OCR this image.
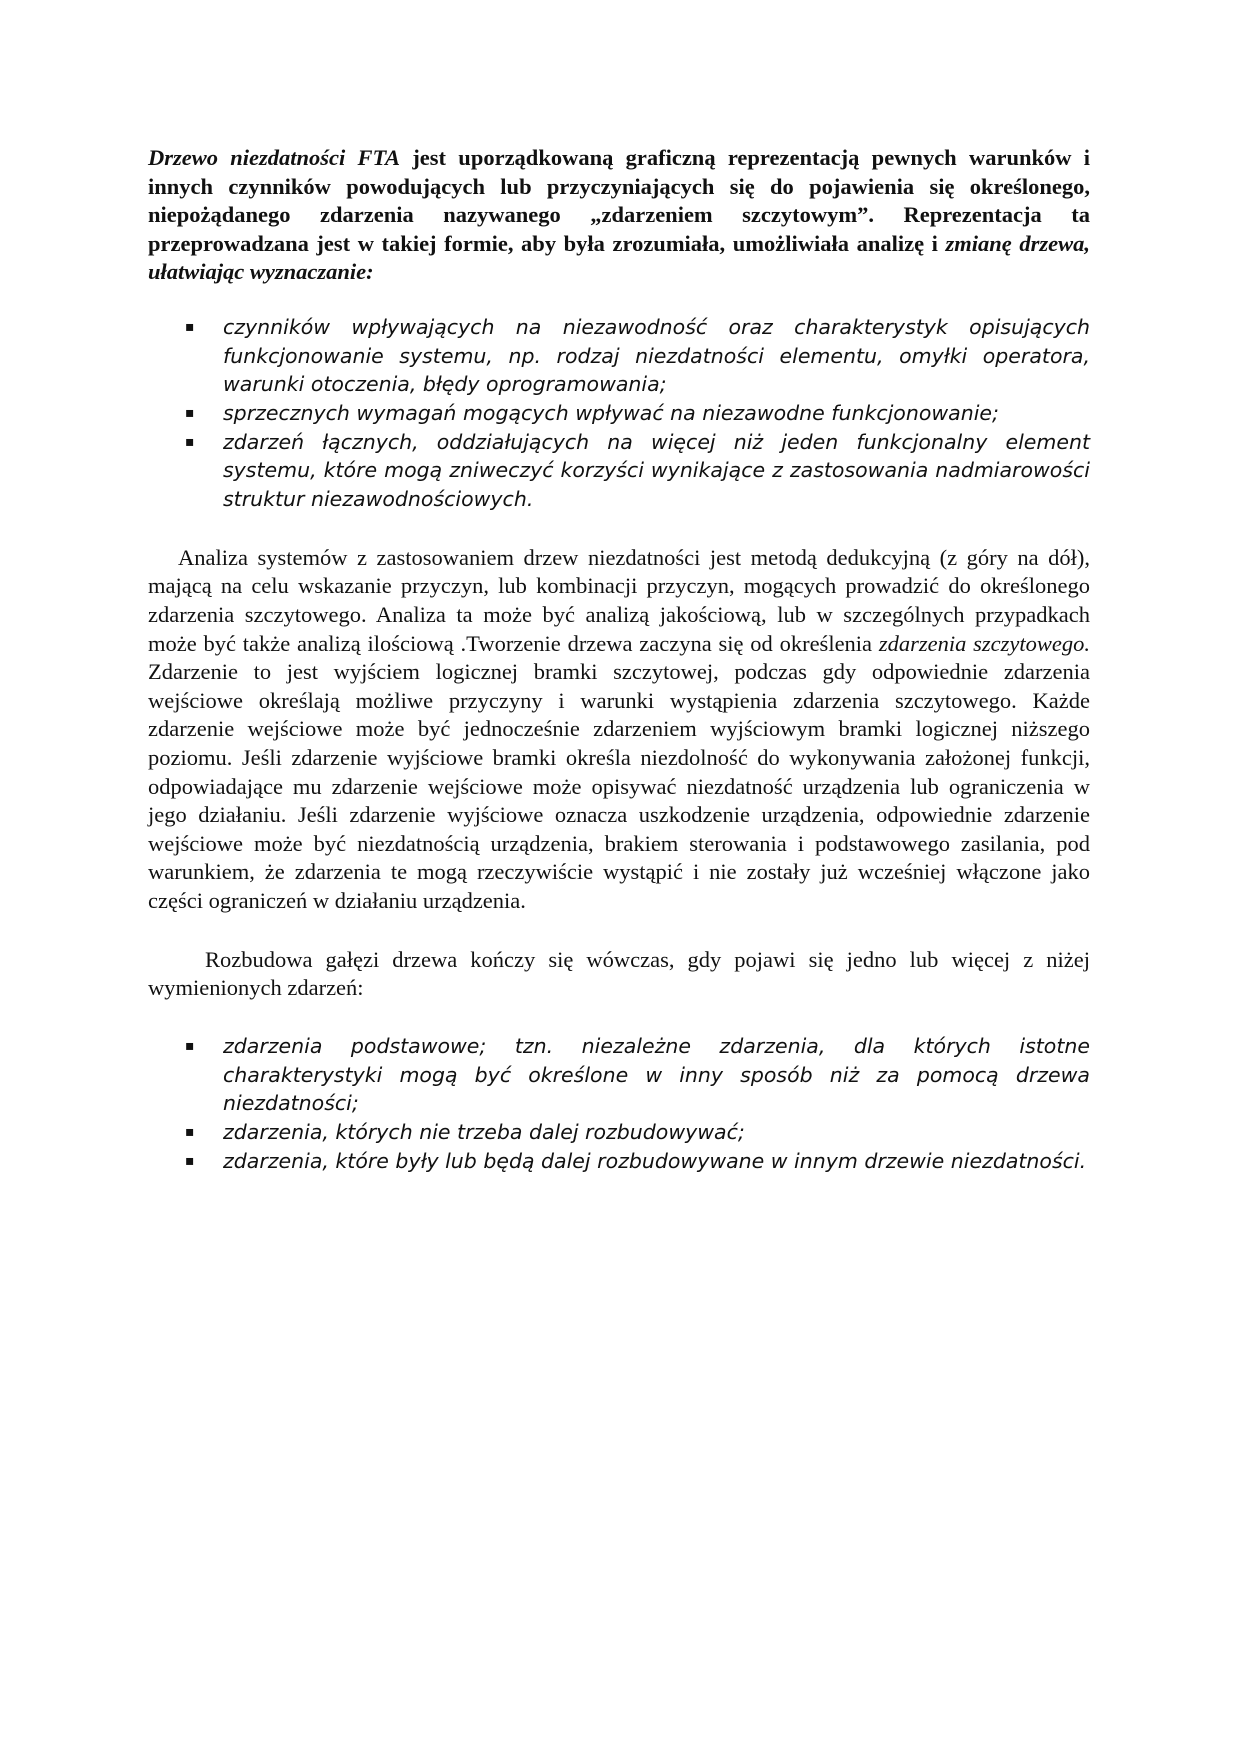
Drzewo niezdatności FTA jest uporządkowaną graficzną reprezentacją pewnych warunków i innych czynników powodujących lub przyczyniających się do pojawienia się określonego, niepożądanego zdarzenia nazywanego „zdarzeniem szczytowym”. Reprezentacja ta przeprowadzana jest w takiej formie, aby była zrozumiała, umożliwiała analizę i zmianę drzewa, ułatwiając wyznaczanie:

▪ czynników wpływających na niezawodność oraz charakterystyk opisujących funkcjonowanie systemu, np. rodzaj niezdatności elementu, omyłki operatora, warunki otoczenia, błędy oprogramowania;
▪ sprzecznych wymagań mogących wpływać na niezawodne funkcjonowanie;
▪ zdarzeń łącznych, oddziałujących na więcej niż jeden funkcjonalny element systemu, które mogą zniweczyć korzyści wynikające z zastosowania nadmiarowości struktur niezawodnościowych.

Analiza systemów z zastosowaniem drzew niezdatności jest metodą dedukcyjną (z góry na dół), mającą na celu wskazanie przyczyn, lub kombinacji przyczyn, mogących prowadzić do określonego zdarzenia szczytowego. Analiza ta może być analizą jakościową, lub w szczególnych przypadkach może być także analizą ilościową .Tworzenie drzewa zaczyna się od określenia zdarzenia szczytowego. Zdarzenie to jest wyjściem logicznej bramki szczytowej, podczas gdy odpowiednie zdarzenia wejściowe określają możliwe przyczyny i warunki wystąpienia zdarzenia szczytowego. Każde zdarzenie wejściowe może być jednocześnie zdarzeniem wyjściowym bramki logicznej niższego poziomu. Jeśli zdarzenie wyjściowe bramki określa niezdolność do wykonywania założonej funkcji, odpowiadające mu zdarzenie wejściowe może opisywać niezdatność urządzenia lub ograniczenia w jego działaniu. Jeśli zdarzenie wyjściowe oznacza uszkodzenie urządzenia, odpowiednie zdarzenie wejściowe może być niezdatnością urządzenia, brakiem sterowania i podstawowego zasilania, pod warunkiem, że zdarzenia te mogą rzeczywiście wystąpić i nie zostały już wcześniej włączone jako części ograniczeń w działaniu urządzenia.

Rozbudowa gałęzi drzewa kończy się wówczas, gdy pojawi się jedno lub więcej z niżej wymienionych zdarzeń:

▪ zdarzenia podstawowe; tzn. niezależne zdarzenia, dla których istotne charakterystyki mogą być określone w inny sposób niż za pomocą drzewa niezdatności;
▪ zdarzenia, których nie trzeba dalej rozbudowywać;
▪ zdarzenia, które były lub będą dalej rozbudowywane w innym drzewie niezdatności.
